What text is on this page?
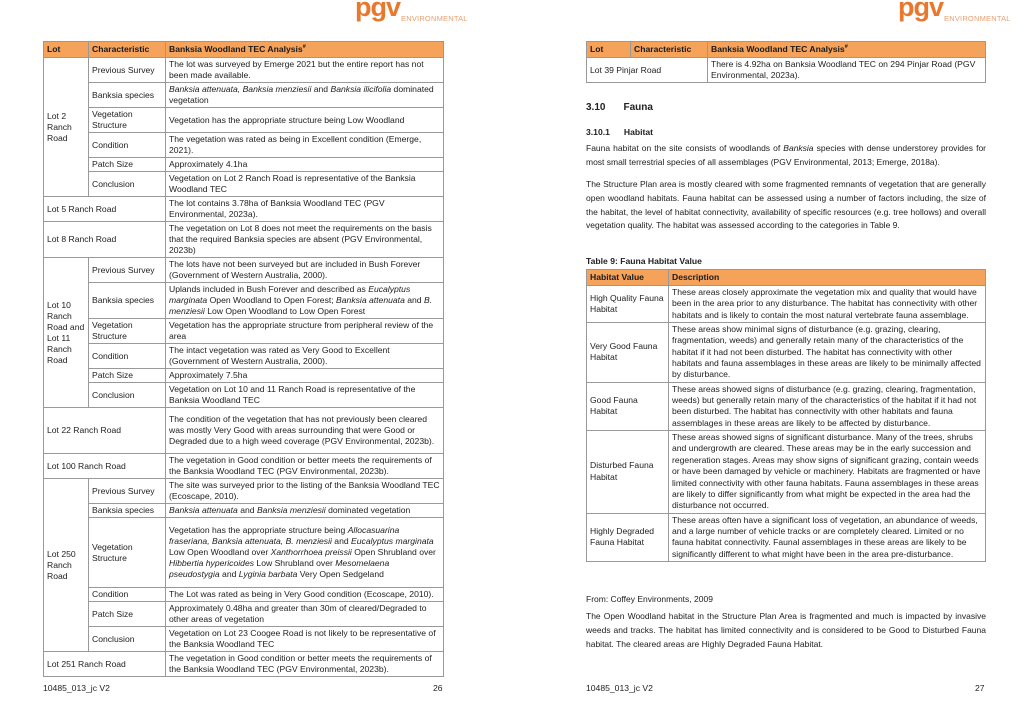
pgv ENVIRONMENTAL
Lot	Characteristic	Banksia Woodland TEC Analysis#
Lot 2 Ranch Road	Previous Survey	The lot was surveyed by Emerge 2021 but the entire report has not been made available.
	Banksia species	Banksia attenuata, Banksia menziesii and Banksia ilicifolia dominated vegetation
	Vegetation Structure	Vegetation has the appropriate structure being Low Woodland
	Condition	The vegetation was rated as being in Excellent condition (Emerge, 2021).
	Patch Size	Approximately 4.1ha
	Conclusion	Vegetation on Lot 2 Ranch Road is representative of the Banksia Woodland TEC
Lot 5 Ranch Road		The lot contains 3.78ha of Banksia Woodland TEC (PGV Environmental, 2023a).
Lot 8 Ranch Road		The vegetation on Lot 8 does not meet the requirements on the basis that the required Banksia species are absent (PGV Environmental, 2023b)
Lot 10 Ranch Road and Lot 11 Ranch Road	Previous Survey	The lots have not been surveyed but are included in Bush Forever (Government of Western Australia, 2000).
	Banksia species	Uplands included in Bush Forever and described as Eucalyptus marginata Open Woodland to Open Forest; Banksia attenuata and B. menziesii Low Open Woodland to Low Open Forest
	Vegetation Structure	Vegetation has the appropriate structure from peripheral review of the area
	Condition	The intact vegetation was rated as Very Good to Excellent (Government of Western Australia, 2000).
	Patch Size	Approximately 7.5ha
	Conclusion	Vegetation on Lot 10 and 11 Ranch Road is representative of the Banksia Woodland TEC
Lot 22 Ranch Road		The condition of the vegetation that has not previously been cleared was mostly Very Good with areas surrounding that were Good or Degraded due to a high weed coverage (PGV Environmental, 2023b).
Lot 100 Ranch Road		The vegetation in Good condition or better meets the requirements of the Banksia Woodland TEC (PGV Environmental, 2023b).
Lot 250 Ranch Road	Previous Survey	The site was surveyed prior to the listing of the Banksia Woodland TEC (Ecoscape, 2010).
	Banksia species	Banksia attenuata and Banksia menziesii dominated vegetation
	Vegetation Structure	Vegetation has the appropriate structure being Allocasuarina fraseriana, Banksia attenuata, B. menziesii and Eucalyptus marginata Low Open Woodland over Xanthorrhoea preissii Open Shrubland over Hibbertia hypericoides Low Shrubland over Mesomelaena pseudostygia and Lyginia barbata Very Open Sedgeland
	Condition	The Lot was rated as being in Very Good condition (Ecoscape, 2010).
	Patch Size	Approximately 0.48ha and greater than 30m of cleared/Degraded to other areas of vegetation
	Conclusion	Vegetation on Lot 23 Coogee Road is not likely to be representative of the Banksia Woodland TEC
Lot 251 Ranch Road		The vegetation in Good condition or better meets the requirements of the Banksia Woodland TEC (PGV Environmental, 2023b).
10485_013_jc V2	26
pgv ENVIRONMENTAL
Lot	Characteristic	Banksia Woodland TEC Analysis#
Lot 39 Pinjar Road		There is 4.92ha on Banksia Woodland TEC on 294 Pinjar Road (PGV Environmental, 2023a).
3.10 Fauna
3.10.1 Habitat
Fauna habitat on the site consists of woodlands of Banksia species with dense understorey provides for most small terrestrial species of all assemblages (PGV Environmental, 2013; Emerge, 2018a).
The Structure Plan area is mostly cleared with some fragmented remnants of vegetation that are generally open woodland habitats. Fauna habitat can be assessed using a number of factors including, the size of the habitat, the level of habitat connectivity, availability of specific resources (e.g. tree hollows) and overall vegetation quality. The habitat was assessed according to the categories in Table 9.
Table 9: Fauna Habitat Value
Habitat Value	Description
High Quality Fauna Habitat	These areas closely approximate the vegetation mix and quality that would have been in the area prior to any disturbance. The habitat has connectivity with other habitats and is likely to contain the most natural vertebrate fauna assemblage.
Very Good Fauna Habitat	These areas show minimal signs of disturbance (e.g. grazing, clearing, fragmentation, weeds) and generally retain many of the characteristics of the habitat if it had not been disturbed. The habitat has connectivity with other habitats and fauna assemblages in these areas are likely to be minimally affected by disturbance.
Good Fauna Habitat	These areas showed signs of disturbance (e.g. grazing, clearing, fragmentation, weeds) but generally retain many of the characteristics of the habitat if it had not been disturbed. The habitat has connectivity with other habitats and fauna assemblages in these areas are likely to be affected by disturbance.
Disturbed Fauna Habitat	These areas showed signs of significant disturbance. Many of the trees, shrubs and undergrowth are cleared. These areas may be in the early succession and regeneration stages. Areas may show signs of significant grazing, contain weeds or have been damaged by vehicle or machinery. Habitats are fragmented or have limited connectivity with other fauna habitats. Fauna assemblages in these areas are likely to differ significantly from what might be expected in the area had the disturbance not occurred.
Highly Degraded Fauna Habitat	These areas often have a significant loss of vegetation, an abundance of weeds, and a large number of vehicle tracks or are completely cleared. Limited or no fauna habitat connectivity. Faunal assemblages in these areas are likely to be significantly different to what might have been in the area pre-disturbance.
From: Coffey Environments, 2009
The Open Woodland habitat in the Structure Plan Area is fragmented and much is impacted by invasive weeds and tracks. The habitat has limited connectivity and is considered to be Good to Disturbed Fauna habitat. The cleared areas are Highly Degraded Fauna Habitat.
10485_013_jc V2	27
